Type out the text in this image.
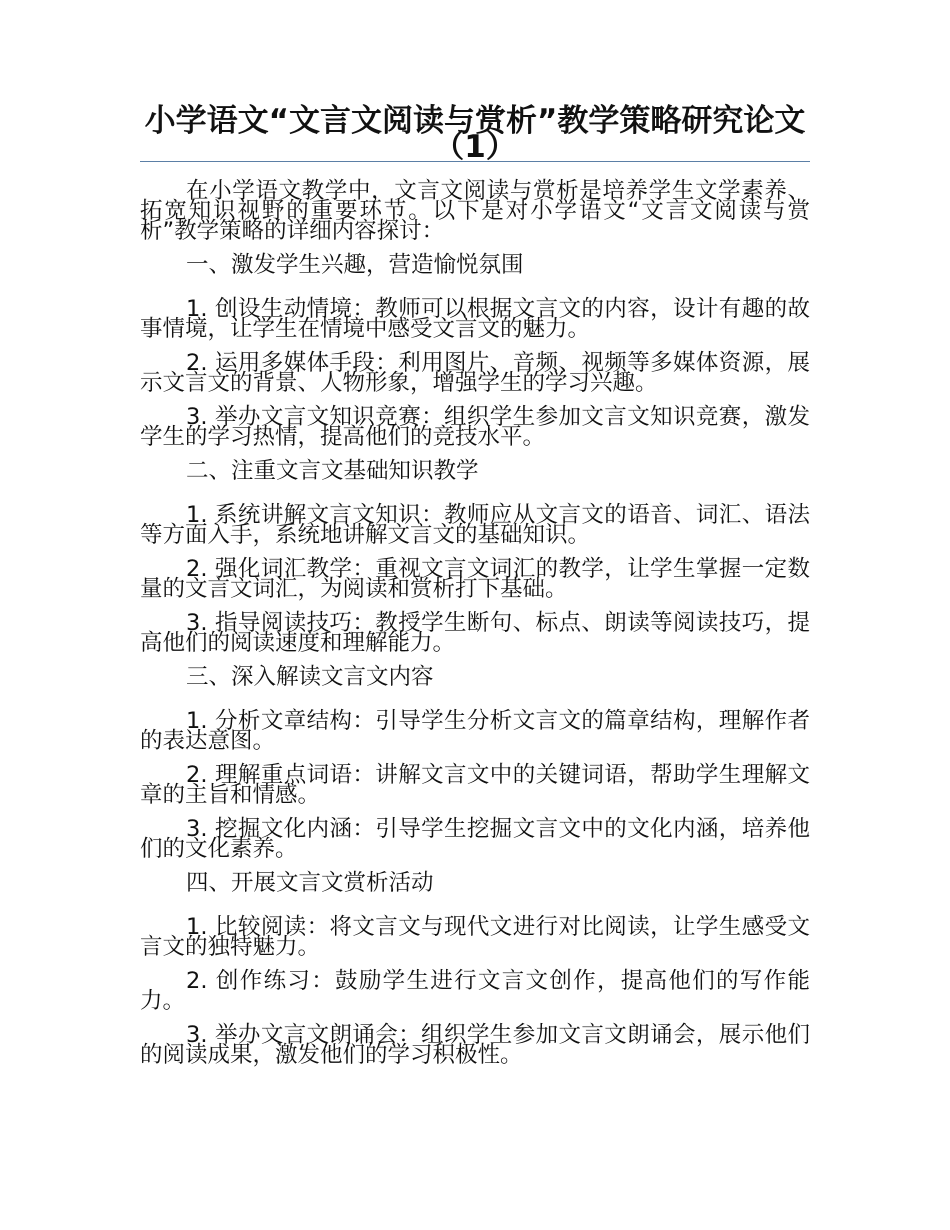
小学语文“文言文阅读与赏析”教学策略研究论文（1）

在小学语文教学中，文言文阅读与赏析是培养学生文学素养、拓宽知识视野的重要环节。以下是对小学语文“文言文阅读与赏析”教学策略的详细内容探讨：

一、激发学生兴趣，营造愉悦氛围

1. 创设生动情境：教师可以根据文言文的内容，设计有趣的故事情境，让学生在情境中感受文言文的魅力。

2. 运用多媒体手段：利用图片、音频、视频等多媒体资源，展示文言文的背景、人物形象，增强学生的学习兴趣。

3. 举办文言文知识竞赛：组织学生参加文言文知识竞赛，激发学生的学习热情，提高他们的竞技水平。

二、注重文言文基础知识教学

1. 系统讲解文言文知识：教师应从文言文的语音、词汇、语法等方面入手，系统地讲解文言文的基础知识。

2. 强化词汇教学：重视文言文词汇的教学，让学生掌握一定数量的文言文词汇，为阅读和赏析打下基础。

3. 指导阅读技巧：教授学生断句、标点、朗读等阅读技巧，提高他们的阅读速度和理解能力。

三、深入解读文言文内容

1. 分析文章结构：引导学生分析文言文的篇章结构，理解作者的表达意图。

2. 理解重点词语：讲解文言文中的关键词语，帮助学生理解文章的主旨和情感。

3. 挖掘文化内涵：引导学生挖掘文言文中的文化内涵，培养他们的文化素养。

四、开展文言文赏析活动

1. 比较阅读：将文言文与现代文进行对比阅读，让学生感受文言文的独特魅力。

2. 创作练习：鼓励学生进行文言文创作，提高他们的写作能力。

3. 举办文言文朗诵会：组织学生参加文言文朗诵会，展示他们的阅读成果，激发他们的学习积极性。
